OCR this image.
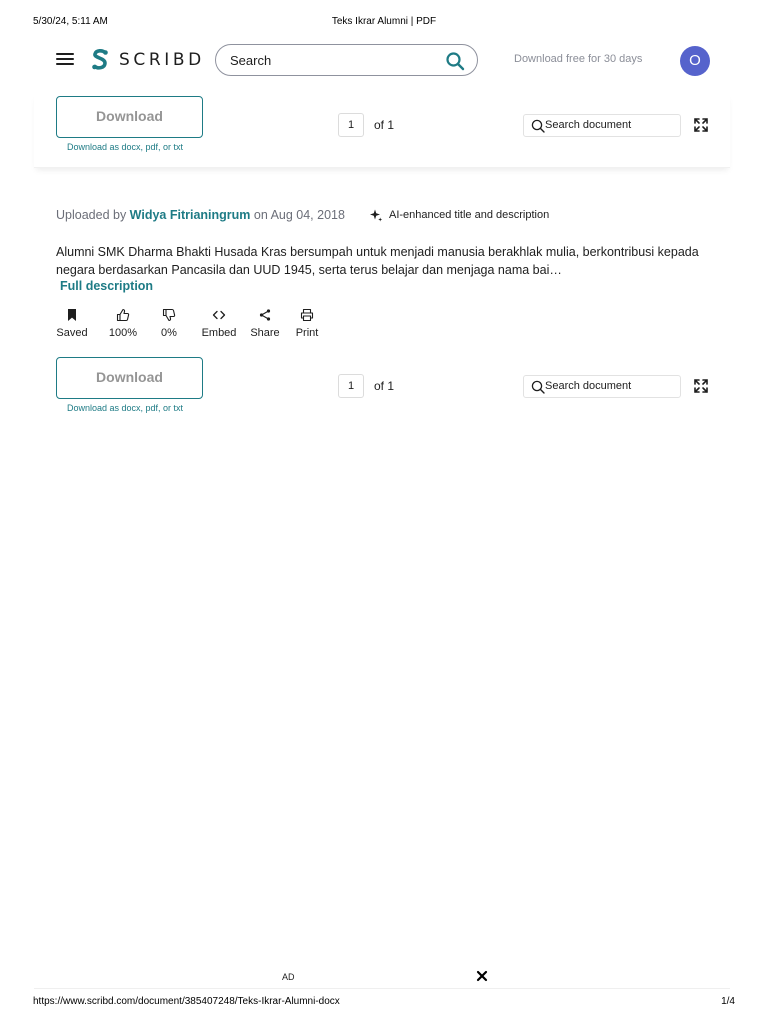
5/30/24, 5:11 AM	Teks Ikrar Alumni | PDF
SCRIBD Search	Download free for 30 days	O
Download
Download as docx, pdf, or txt
1	of 1	Search document
Uploaded by Widya Fitrianingrum on Aug 04, 2018	AI-enhanced title and description

Alumni SMK Dharma Bhakti Husada Kras bersumpah untuk menjadi manusia berakhlak mulia, berkontribusi kepada negara berdasarkan Pancasila dan UUD 1945, serta terus belajar dan menjaga nama bai…

Full description
Saved	100%	0%	Embed Share Print
Download
Download as docx, pdf, or txt
1	of 1	Search document
AD
https://www.scribd.com/document/385407248/Teks-Ikrar-Alumni-docx	1/4
